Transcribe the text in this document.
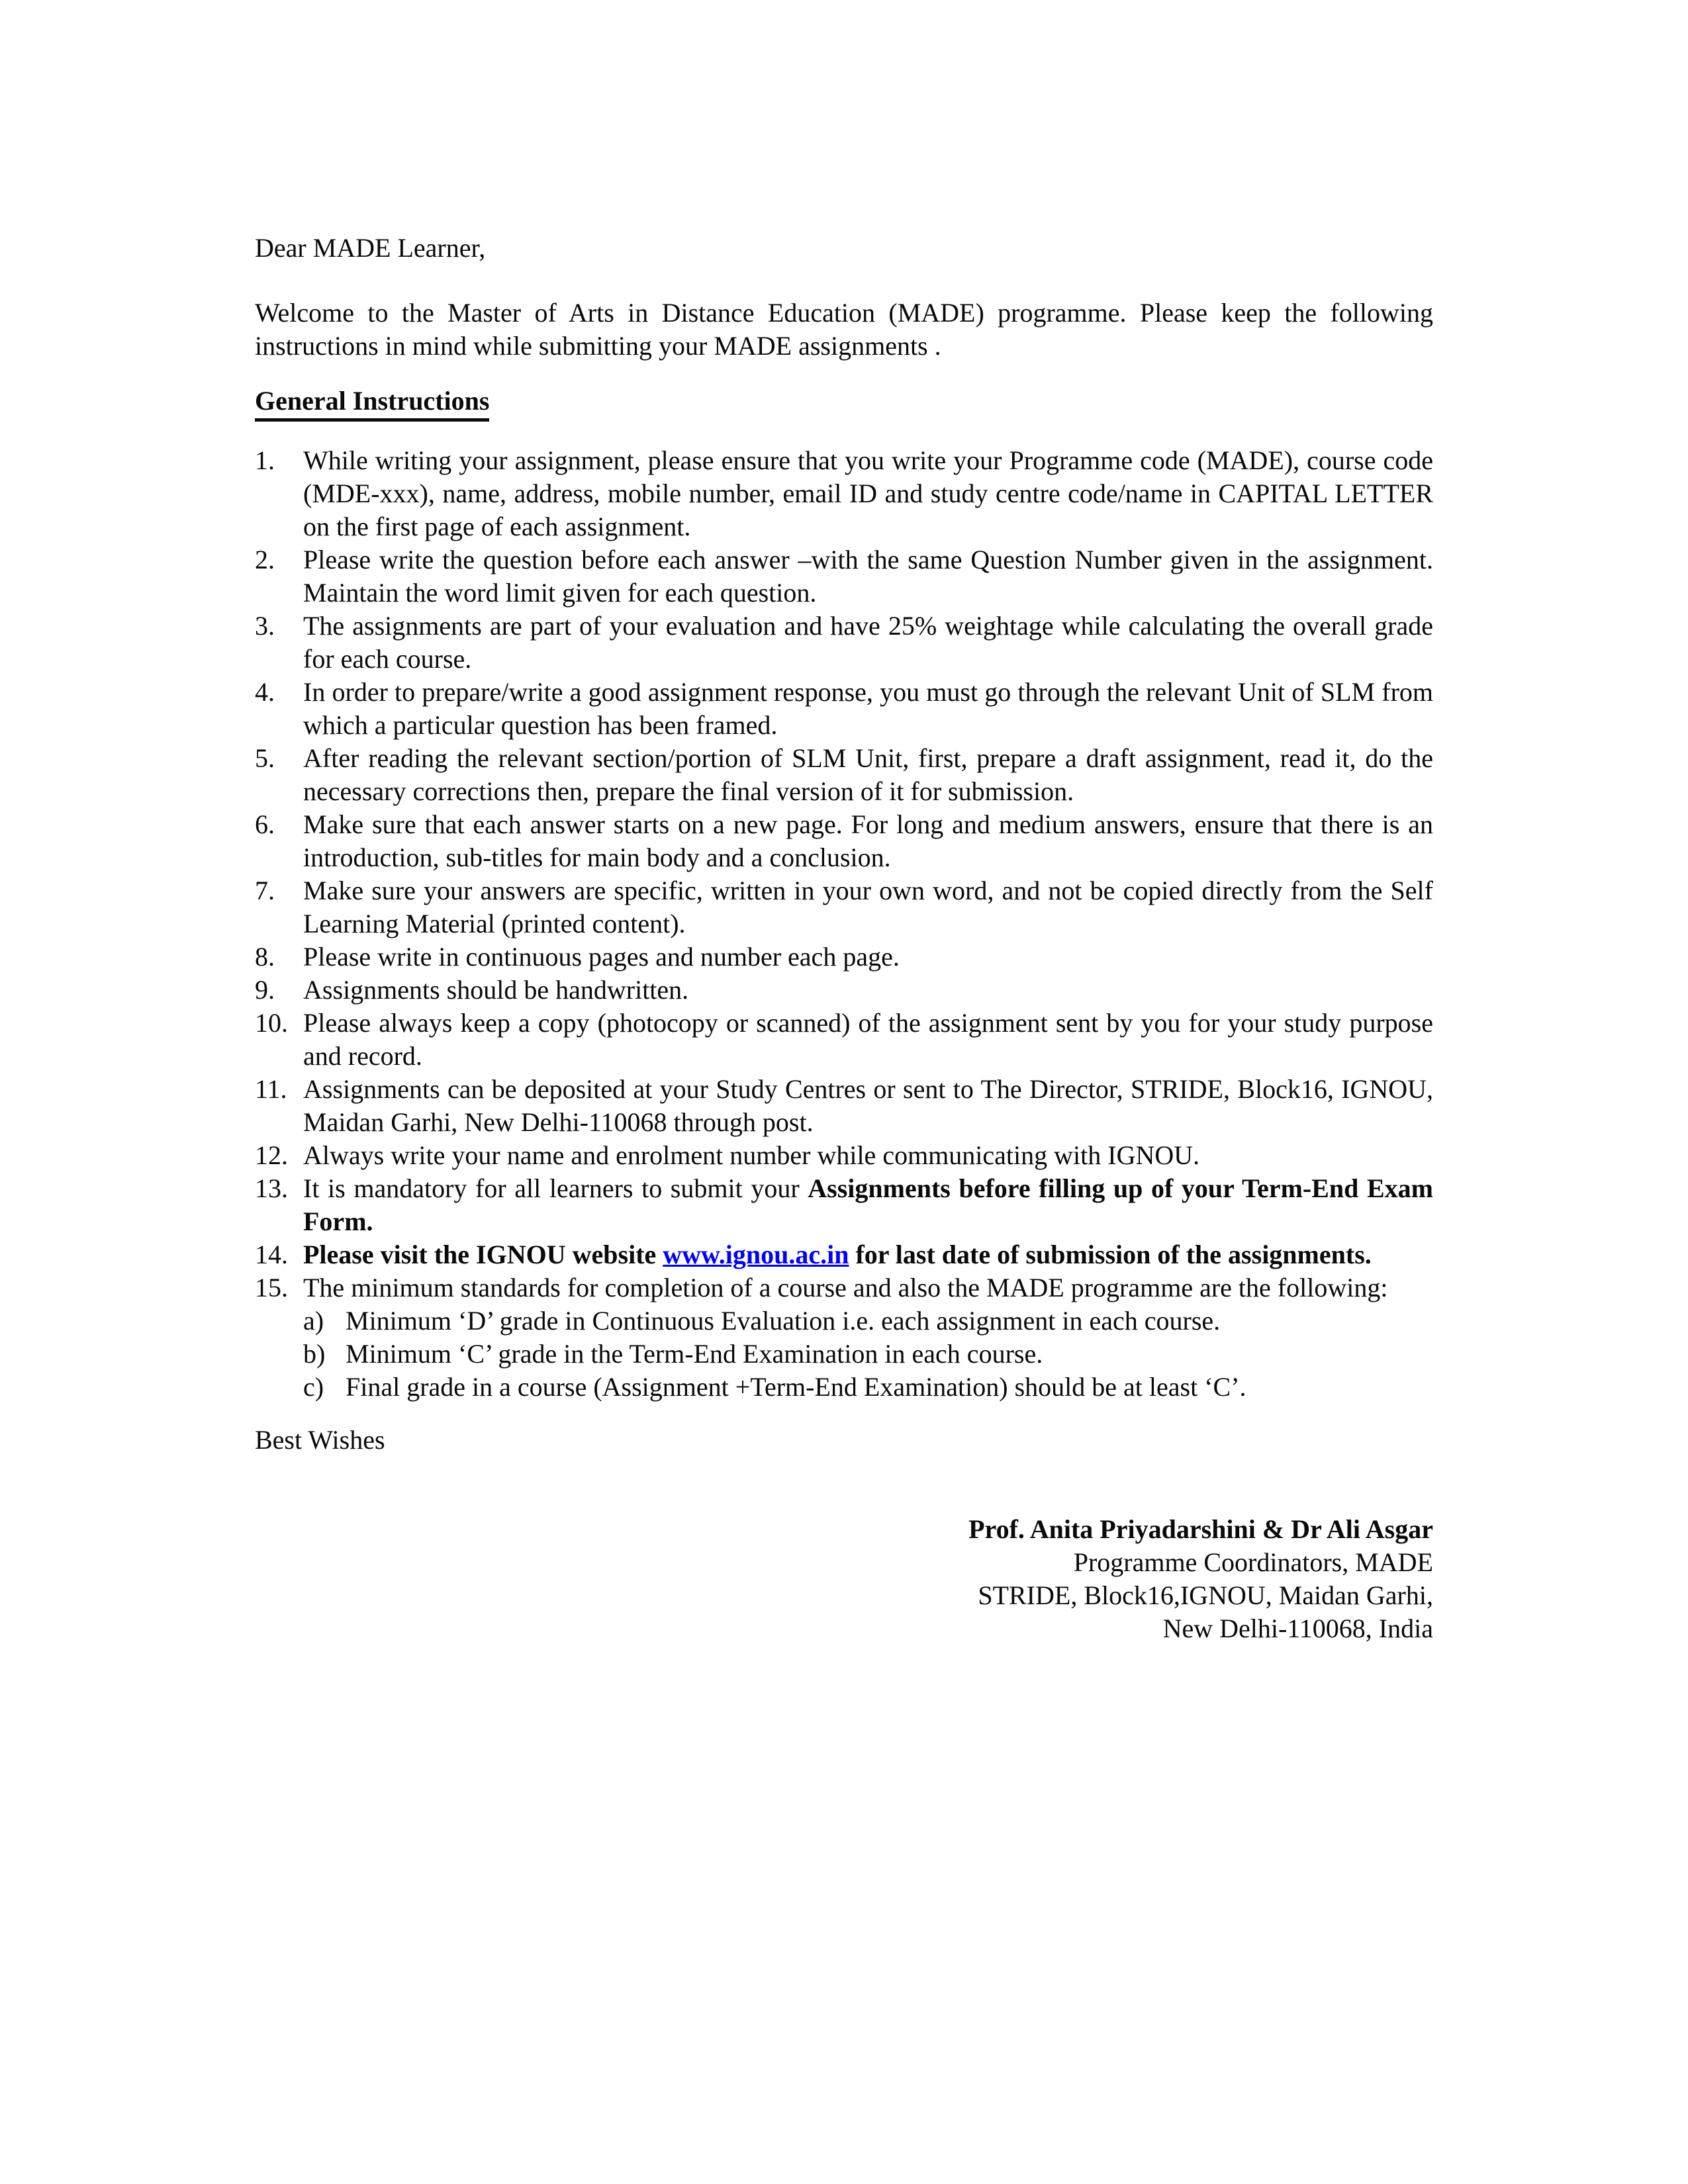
Dear MADE Learner,

Welcome to the Master of Arts in Distance Education (MADE) programme. Please keep the following instructions in mind while submitting your MADE assignments .

General Instructions
1.	While writing your assignment, please ensure that you write your Programme code (MADE), course code (MDE-xxx), name, address, mobile number, email ID and study centre code/name in CAPITAL LETTER on the first page of each assignment.
2.	Please write the question before each answer –with the same Question Number given in the assignment. Maintain the word limit given for each question.
3.	The assignments are part of your evaluation and have 25% weightage while calculating the overall grade for each course.
4.	In order to prepare/write a good assignment response, you must go through the relevant Unit of SLM from which a particular question has been framed.
5.	After reading the relevant section/portion of SLM Unit, first, prepare a draft assignment, read it, do the necessary corrections then, prepare the final version of it for submission.
6.	Make sure that each answer starts on a new page. For long and medium answers, ensure that there is an introduction, sub-titles for main body and a conclusion.
7.	Make sure your answers are specific, written in your own word, and not be copied directly from the Self Learning Material (printed content).
8.	Please write in continuous pages and number each page.
9.	Assignments should be handwritten.
10. Please always keep a copy (photocopy or scanned) of the assignment sent by you for your study purpose and record.
11. Assignments can be deposited at your Study Centres or sent to The Director, STRIDE, Block16, IGNOU, Maidan Garhi, New Delhi-110068 through post.
12. Always write your name and enrolment number while communicating with IGNOU.
13. It is mandatory for all learners to submit your Assignments before filling up of your Term-End Exam Form.
14. Please visit the IGNOU website www.ignou.ac.in for last date of submission of the assignments.
15. The minimum standards for completion of a course and also the MADE programme are the following:
a) Minimum ‘D’ grade in Continuous Evaluation i.e. each assignment in each course.
b) Minimum ‘C’ grade in the Term-End Examination in each course.
c) Final grade in a course (Assignment +Term-End Examination) should be at least ‘C’.

Best Wishes

Prof. Anita Priyadarshini & Dr Ali Asgar
Programme Coordinators, MADE
STRIDE, Block16,IGNOU, Maidan Garhi,
New Delhi-110068, India
